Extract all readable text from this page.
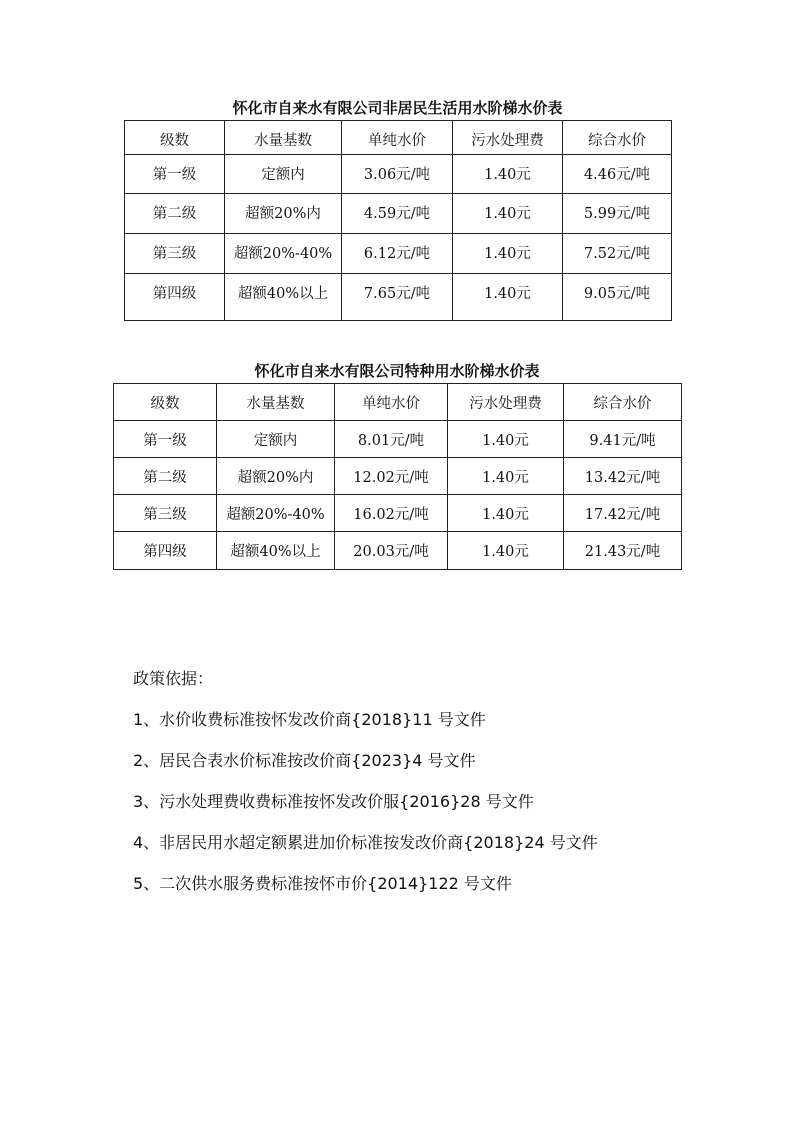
怀化市自来水有限公司非居民生活用水阶梯水价表
级数	水量基数	单纯水价	污水处理费	综合水价
第一级	定额内	3.06元/吨	1.40元	4.46元/吨
第二级	超额20%内	4.59元/吨	1.40元	5.99元/吨
第三级	超额20%-40%	6.12元/吨	1.40元	7.52元/吨
第四级	超额40%以上	7.65元/吨	1.40元	9.05元/吨
怀化市自来水有限公司特种用水阶梯水价表
级数	水量基数	单纯水价	污水处理费	综合水价
第一级	定额内	8.01元/吨	1.40元	9.41元/吨
第二级	超额20%内	12.02元/吨	1.40元	13.42元/吨
第三级	超额20%-40%	16.02元/吨	1.40元	17.42元/吨
第四级	超额40%以上	20.03元/吨	1.40元	21.43元/吨
政策依据：
1、水价收费标准按怀发改价商{2018}11 号文件
2、居民合表水价标准按改价商{2023}4 号文件
3、污水处理费收费标准按怀发改价服{2016}28 号文件
4、非居民用水超定额累进加价标准按发改价商{2018}24 号文件
5、二次供水服务费标准按怀市价{2014}122 号文件
